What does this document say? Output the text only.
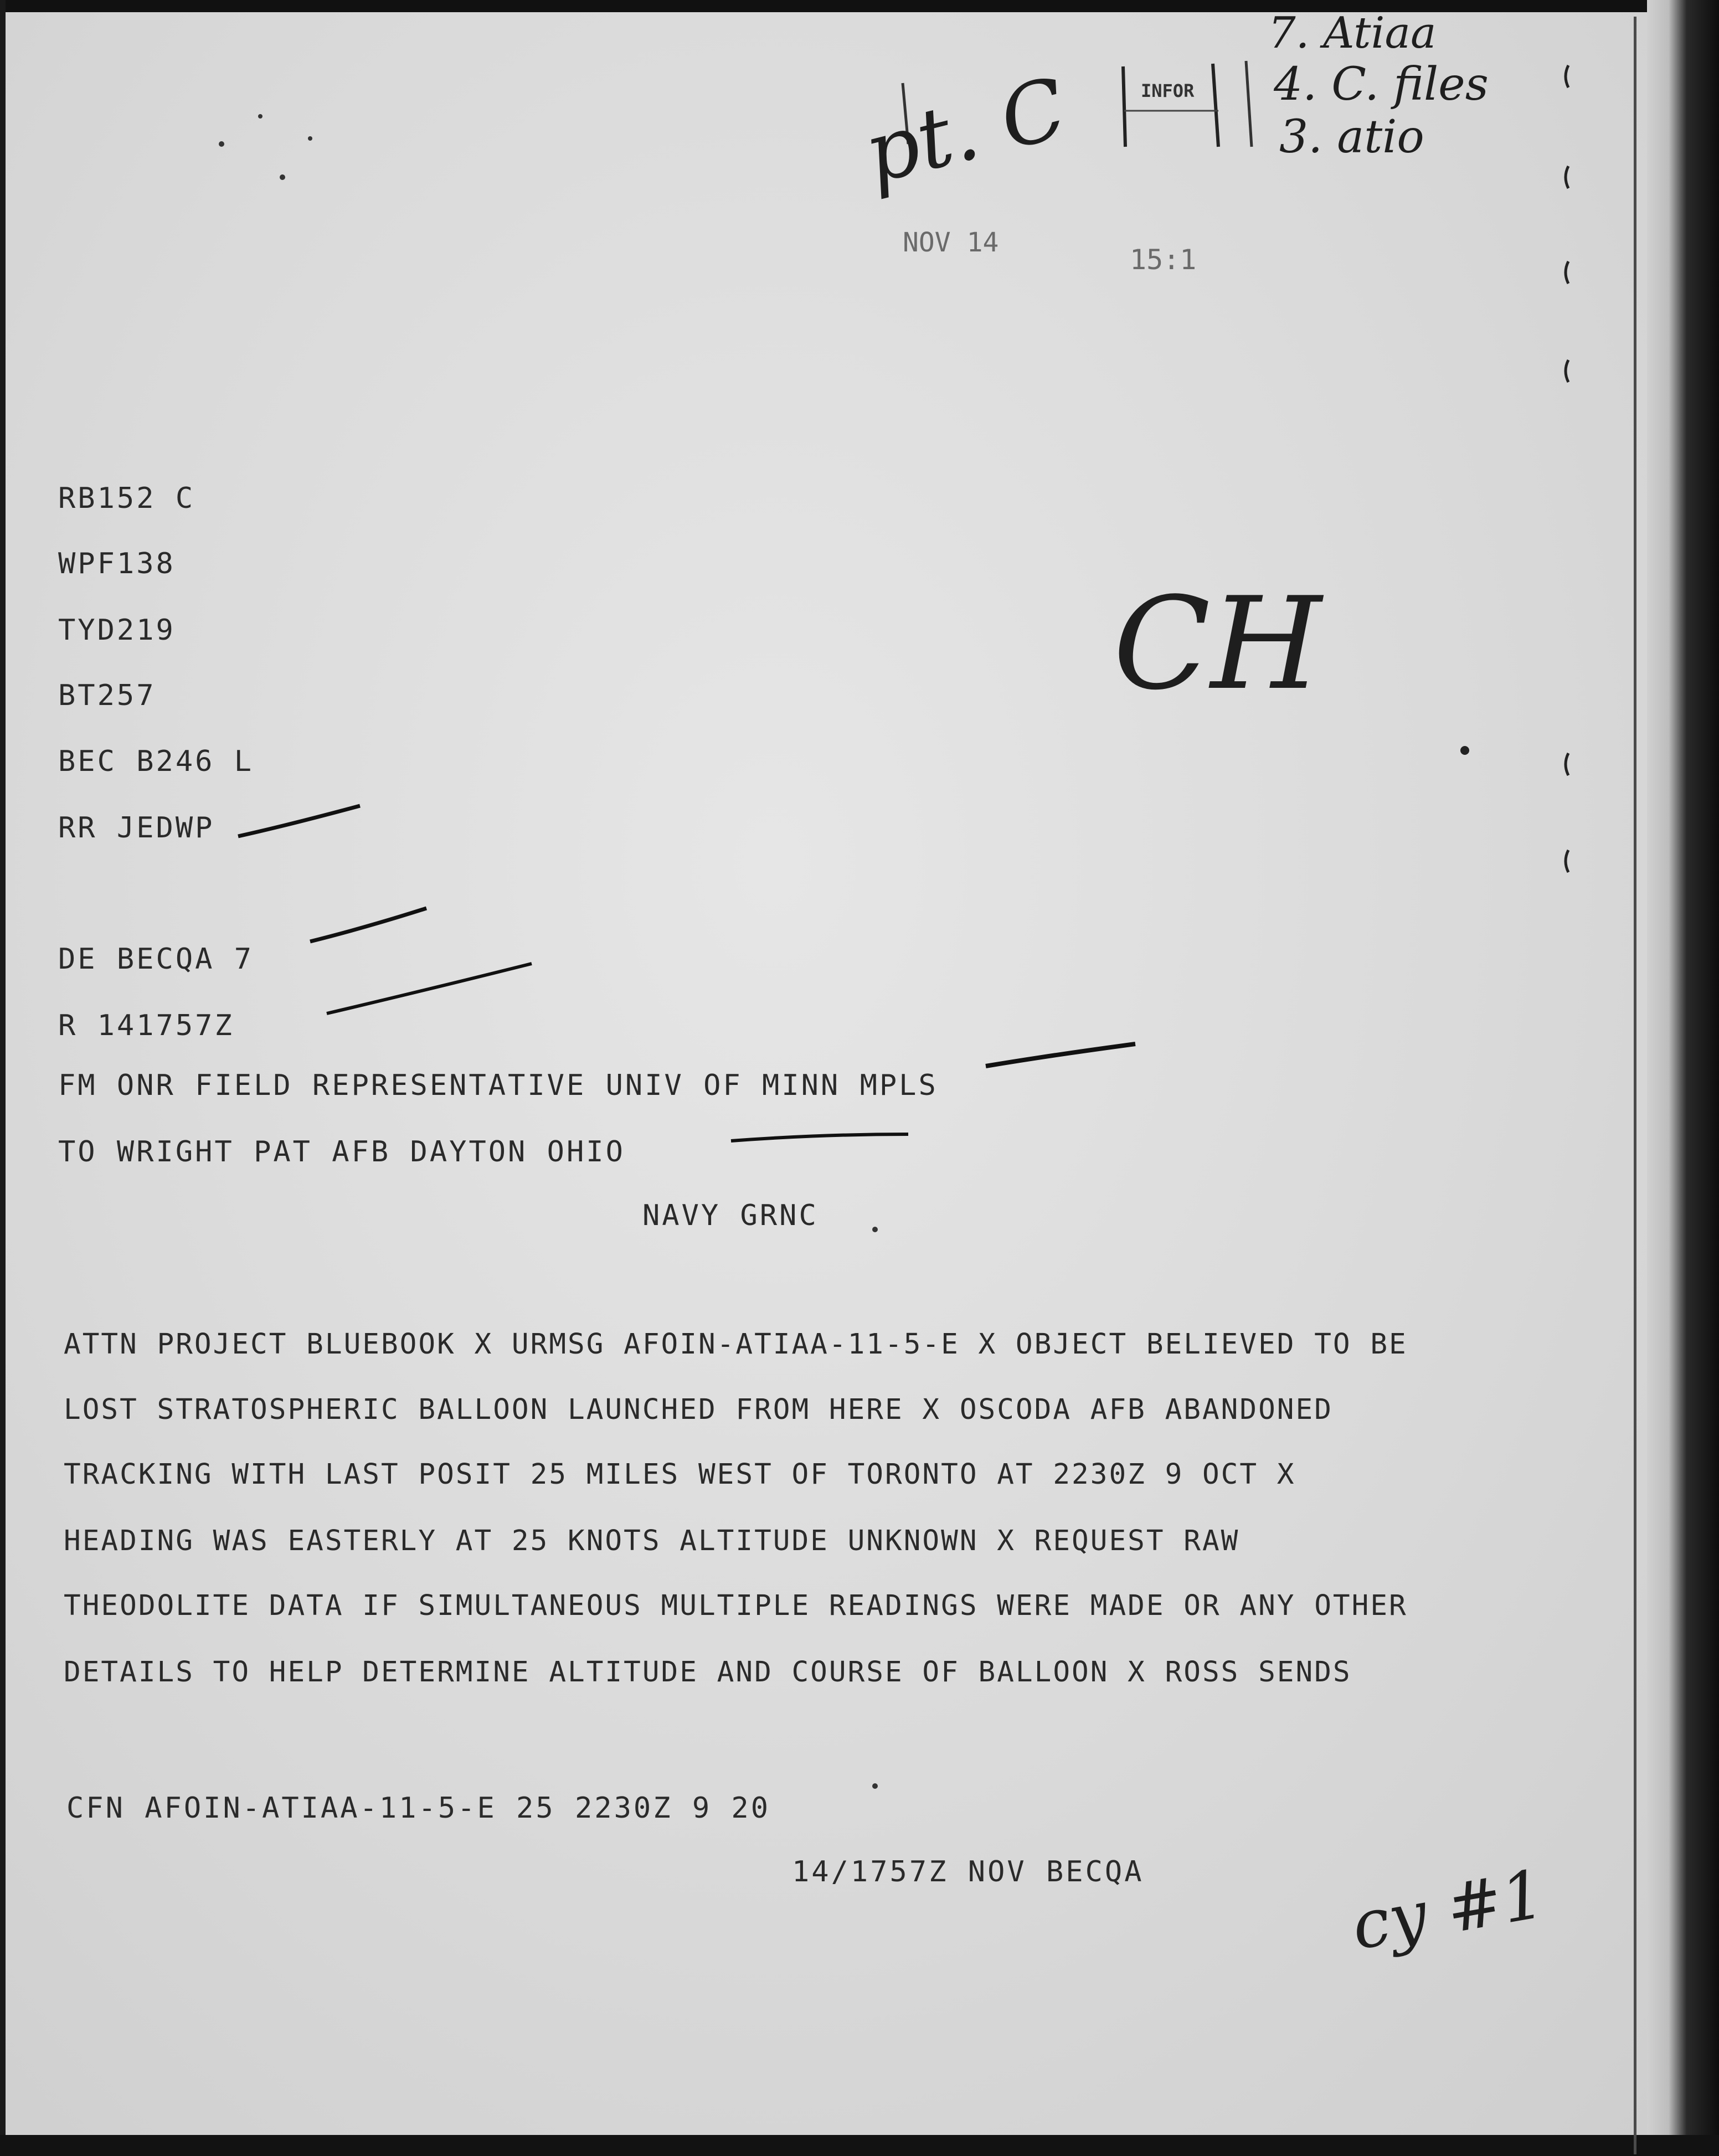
INFOR
7. Atiaa
4. C. files
3. atio
pt. C
NOV 14
15:1

RB152 C

WPF138

TYD219

BT257

BEC B246 L

RR JEDWP

CH

DE BECQA 7

R 141757Z

FM ONR FIELD REPRESENTATIVE UNIV OF MINN MPLS

TO WRIGHT PAT AFB DAYTON OHIO

NAVY GRNC

ATTN PROJECT BLUEBOOK X URMSG AFOIN-ATIAA-11-5-E X OBJECT BELIEVED TO BE

LOST STRATOSPHERIC BALLOON LAUNCHED FROM HERE X OSCODA AFB ABANDONED

TRACKING WITH LAST POSIT 25 MILES WEST OF TORONTO AT 2230Z 9 OCT X

HEADING WAS EASTERLY AT 25 KNOTS ALTITUDE UNKNOWN X REQUEST RAW

THEODOLITE DATA IF SIMULTANEOUS MULTIPLE READINGS WERE MADE OR ANY OTHER

DETAILS TO HELP DETERMINE ALTITUDE AND COURSE OF BALLOON X ROSS SENDS

CFN AFOIN-ATIAA-11-5-E 25 2230Z 9 20

14/1757Z NOV BECQA	cy #1
